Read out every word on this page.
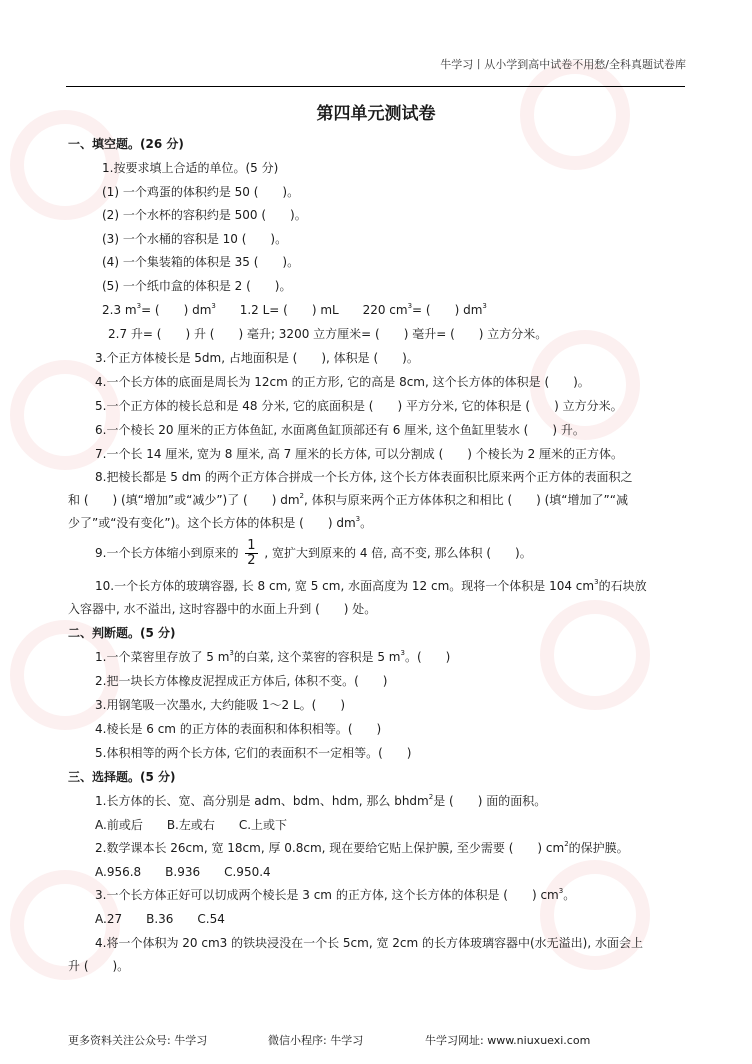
牛学习丨从小学到高中试卷不用愁/全科真题试卷库
第四单元测试卷
一、填空题。(26 分)
1.按要求填上合适的单位。(5 分)
(1) 一个鸡蛋的体积约是 50 (　　)。
(2) 一个水杯的容积约是 500 (　　)。
(3) 一个水桶的容积是 10 (　　)。
(4) 一个集装箱的体积是 35 (　　)。
(5) 一个纸巾盒的体积是 2 (　　)。
2.3 $m^3=$ (　　) $dm^3$ 1.2 L= (　　) mL 220 $cm^3=$ (　　) $dm^3$
2.7 升= (　　) 升 (　　) 毫升; 3200 立方厘米= (　　) 毫升= (　　) 立方分米。
3.个正方体棱长是 5dm, 占地面积是 (　　), 体积是 (　　)。
4.一个长方体的底面是周长为 12cm 的正方形, 它的高是 8cm, 这个长方体的体积是 (　　)。
5.一个正方体的棱长总和是 48 分米, 它的底面积是 (　　) 平方分米, 它的体积是 (　　) 立方分米。
6.一个棱长 20 厘米的正方体鱼缸, 水面离鱼缸顶部还有 6 厘米, 这个鱼缸里装水 (　　) 升。
7.一个长 14 厘米, 宽为 8 厘米, 高 7 厘米的长方体, 可以分割成 (　　) 个棱长为 2 厘米的正方体。
8.把棱长都是 5 dm 的两个正方体合拼成一个长方体, 这个长方体表面积比原来两个正方体的表面积之
和 (　　) (填“增加”或“减少”)了 (　　) $dm^2$, 体积与原来两个正方体体积之和相比 (　　) (填“增加了”“减
少了”或“没有变化”)。这个长方体的体积是 (　　) $dm^3$。
9.一个长方体缩小到原来的 $\frac{1}{2}$ , 宽扩大到原来的 4 倍, 高不变, 那么体积 (　　)。
10.一个长方体的玻璃容器, 长 8 cm, 宽 5 cm, 水面高度为 12 cm。现将一个体积是 104 $cm^3$的石块放
入容器中, 水不溢出, 这时容器中的水面上升到 (　　) 处。
二、判断题。(5 分)
1.一个菜窖里存放了 5 $m^3$的白菜, 这个菜窖的容积是 5 $m^3$。(　　)
2.把一块长方体橡皮泥捏成正方体后, 体积不变。(　　)
3.用钢笔吸一次墨水, 大约能吸 1～2 L。(　　)
4.棱长是 6 cm 的正方体的表面积和体积相等。(　　)
5.体积相等的两个长方体, 它们的表面积不一定相等。(　　)
三、选择题。(5 分)
1.长方体的长、宽、高分别是 adm、bdm、hdm, 那么 bhdm$^2$是 (　　) 面的面积。
A.前或后　　B.左或右　　C.上或下
2.数学课本长 26cm, 宽 18cm, 厚 0.8cm, 现在要给它贴上保护膜, 至少需要 (　　) $cm^2$的保护膜。
A.956.8　　B.936　　C.950.4
3.一个长方体正好可以切成两个棱长是 3 cm 的正方体, 这个长方体的体积是 (　　) $cm^3$。
A.27　　B.36　　C.54
4.将一个体积为 20 cm3 的铁块浸没在一个长 5cm, 宽 2cm 的长方体玻璃容器中(水无溢出), 水面会上
升 (　　)。
更多资料关注公众号: 牛学习	微信小程序: 牛学习	牛学习网址: www.niuxuexi.com
